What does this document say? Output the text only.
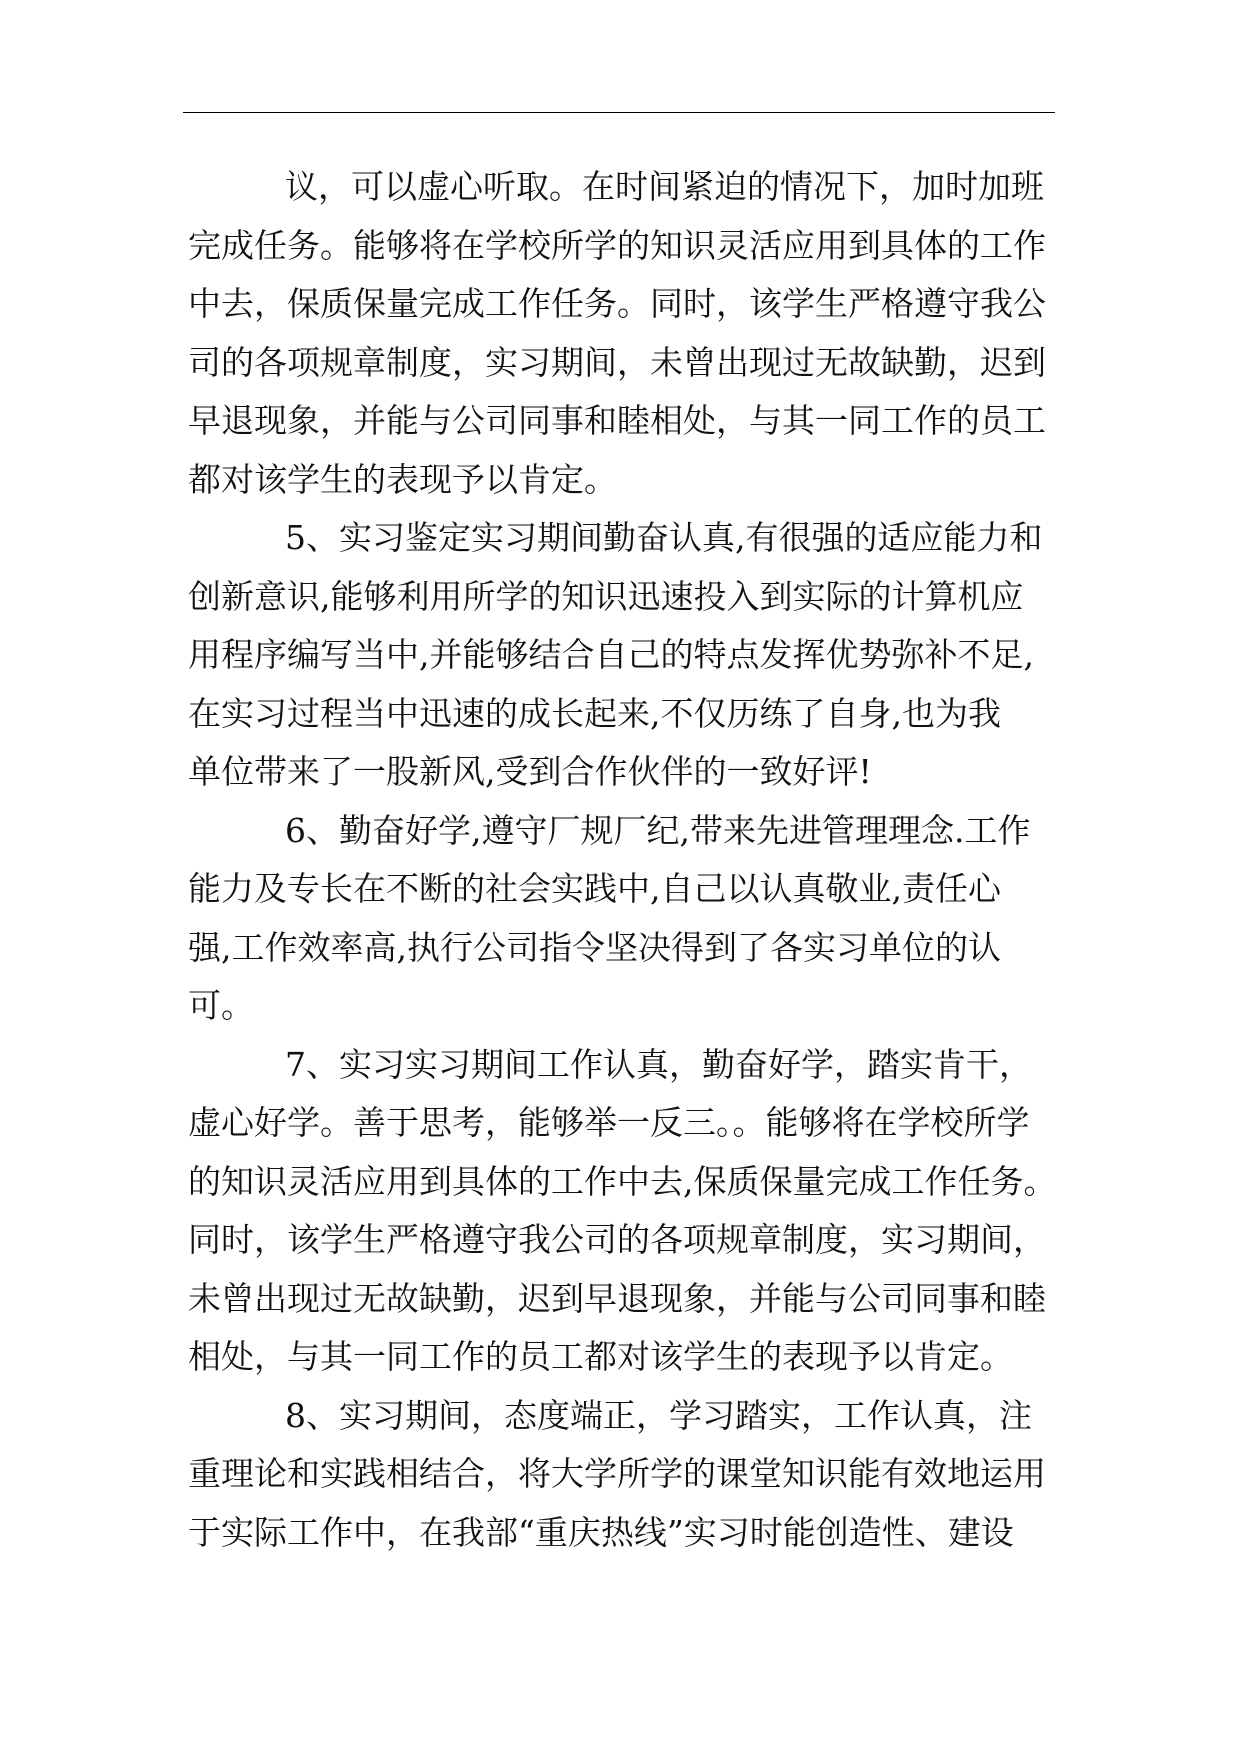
议，可以虚心听取。在时间紧迫的情况下，加时加班
完成任务。能够将在学校所学的知识灵活应用到具体的工作
中去，保质保量完成工作任务。同时，该学生严格遵守我公
司的各项规章制度，实习期间，未曾出现过无故缺勤，迟到
早退现象，并能与公司同事和睦相处，与其一同工作的员工
都对该学生的表现予以肯定。
5、实习鉴定实习期间勤奋认真,有很强的适应能力和
创新意识,能够利用所学的知识迅速投入到实际的计算机应
用程序编写当中,并能够结合自己的特点发挥优势弥补不足,
在实习过程当中迅速的成长起来,不仅历练了自身,也为我
单位带来了一股新风,受到合作伙伴的一致好评!
6、勤奋好学,遵守厂规厂纪,带来先进管理理念.工作
能力及专长在不断的社会实践中,自己以认真敬业,责任心
强,工作效率高,执行公司指令坚决得到了各实习单位的认
可。
7、实习实习期间工作认真，勤奋好学，踏实肯干，
虚心好学。善于思考，能够举一反三。。能够将在学校所学
的知识灵活应用到具体的工作中去,保质保量完成工作任务。
同时，该学生严格遵守我公司的各项规章制度，实习期间，
未曾出现过无故缺勤，迟到早退现象，并能与公司同事和睦
相处，与其一同工作的员工都对该学生的表现予以肯定。
8、实习期间，态度端正，学习踏实，工作认真，注
重理论和实践相结合，将大学所学的课堂知识能有效地运用
于实际工作中，在我部“重庆热线”实习时能创造性、建设
